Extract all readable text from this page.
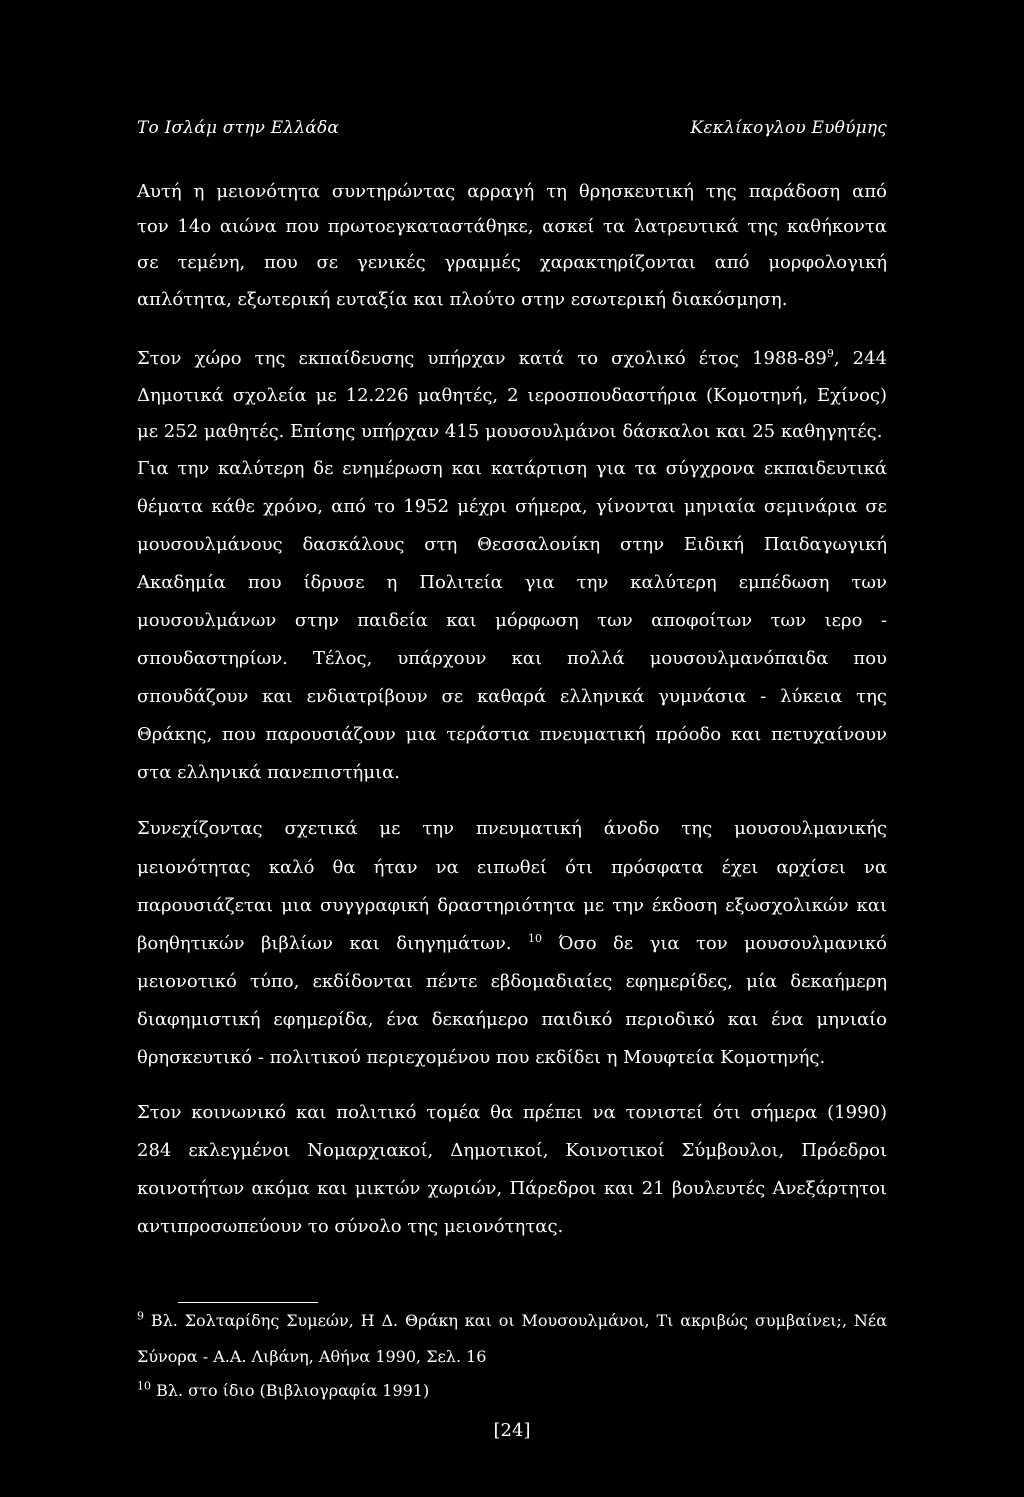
Το Ισλάμ στην Ελλάδα	Κεκλίκογλου Ευθύμης
Αυτή η μειονότητα συντηρώντας αρραγή τη θρησκευτική της παράδοση από
τον 14ο αιώνα που πρωτοεγκαταστάθηκε, ασκεί τα λατρευτικά της καθήκοντα
σε τεμένη, που σε γενικές γραμμές χαρακτηρίζονται από μορφολογική
απλότητα, εξωτερική ευταξία και πλούτο στην εσωτερική διακόσμηση.
Στον χώρο της εκπαίδευσης υπήρχαν κατά το σχολικό έτος $1988-89^9$, 244
Δημοτικά σχολεία με 12.226 μαθητές, 2 ιεροσπουδαστήρια (Κομοτηνή, Εχίνος)
με 252 μαθητές. Επίσης υπήρχαν 415 μουσουλμάνοι δάσκαλοι και 25 καθηγητές.
Για την καλύτερη δε ενημέρωση και κατάρτιση για τα σύγχρονα εκπαιδευτικά
θέματα κάθε χρόνο, από το 1952 μέχρι σήμερα, γίνονται μηνιαία σεμινάρια σε
μουσουλμάνους δασκάλους στη Θεσσαλονίκη στην Ειδική Παιδαγωγική
Ακαδημία που ίδρυσε η Πολιτεία για την καλύτερη εμπέδωση των
μουσουλμάνων στην παιδεία και μόρφωση των αποφοίτων των ιερο -
σπουδαστηρίων. Τέλος, υπάρχουν και πολλά μουσουλμανόπαιδα που
σπουδάζουν και ενδιατρίβουν σε καθαρά ελληνικά γυμνάσια - λύκεια της
Θράκης, που παρουσιάζουν μια τεράστια πνευματική πρόοδο και πετυχαίνουν
στα ελληνικά πανεπιστήμια.
Συνεχίζοντας σχετικά με την πνευματική άνοδο της μουσουλμανικής
μειονότητας καλό θα ήταν να ειπωθεί ότι πρόσφατα έχει αρχίσει να
παρουσιάζεται μια συγγραφική δραστηριότητα με την έκδοση εξωσχολικών και
βοηθητικών βιβλίων και διηγημάτων. $^{10}$ Όσο δε για τον μουσουλμανικό
μειονοτικό τύπο, εκδίδονται πέντε εβδομαδιαίες εφημερίδες, μία δεκαήμερη
διαφημιστική εφημερίδα, ένα δεκαήμερο παιδικό περιοδικό και ένα μηνιαίο
θρησκευτικό - πολιτικού περιεχομένου που εκδίδει η Μουφτεία Κομοτηνής.
Στον κοινωνικό και πολιτικό τομέα θα πρέπει να τονιστεί ότι σήμερα (1990)
284 εκλεγμένοι Νομαρχιακοί, Δημοτικοί, Κοινοτικοί Σύμβουλοι, Πρόεδροι
κοινοτήτων ακόμα και μικτών χωριών, Πάρεδροι και 21 βουλευτές Ανεξάρτητοι
αντιπροσωπεύουν το σύνολο της μειονότητας.
$^9$ Βλ. Σολταρίδης Συμεών, Η Δ. Θράκη και οι Μουσουλμάνοι, Τι ακριβώς συμβαίνει;, Νέα
Σύνορα - Α.Α. Λιβάνη, Αθήνα 1990, Σελ. 16
$^{10}$ Βλ. στο ίδιο (Βιβλιογραφία 1991)
[24]
